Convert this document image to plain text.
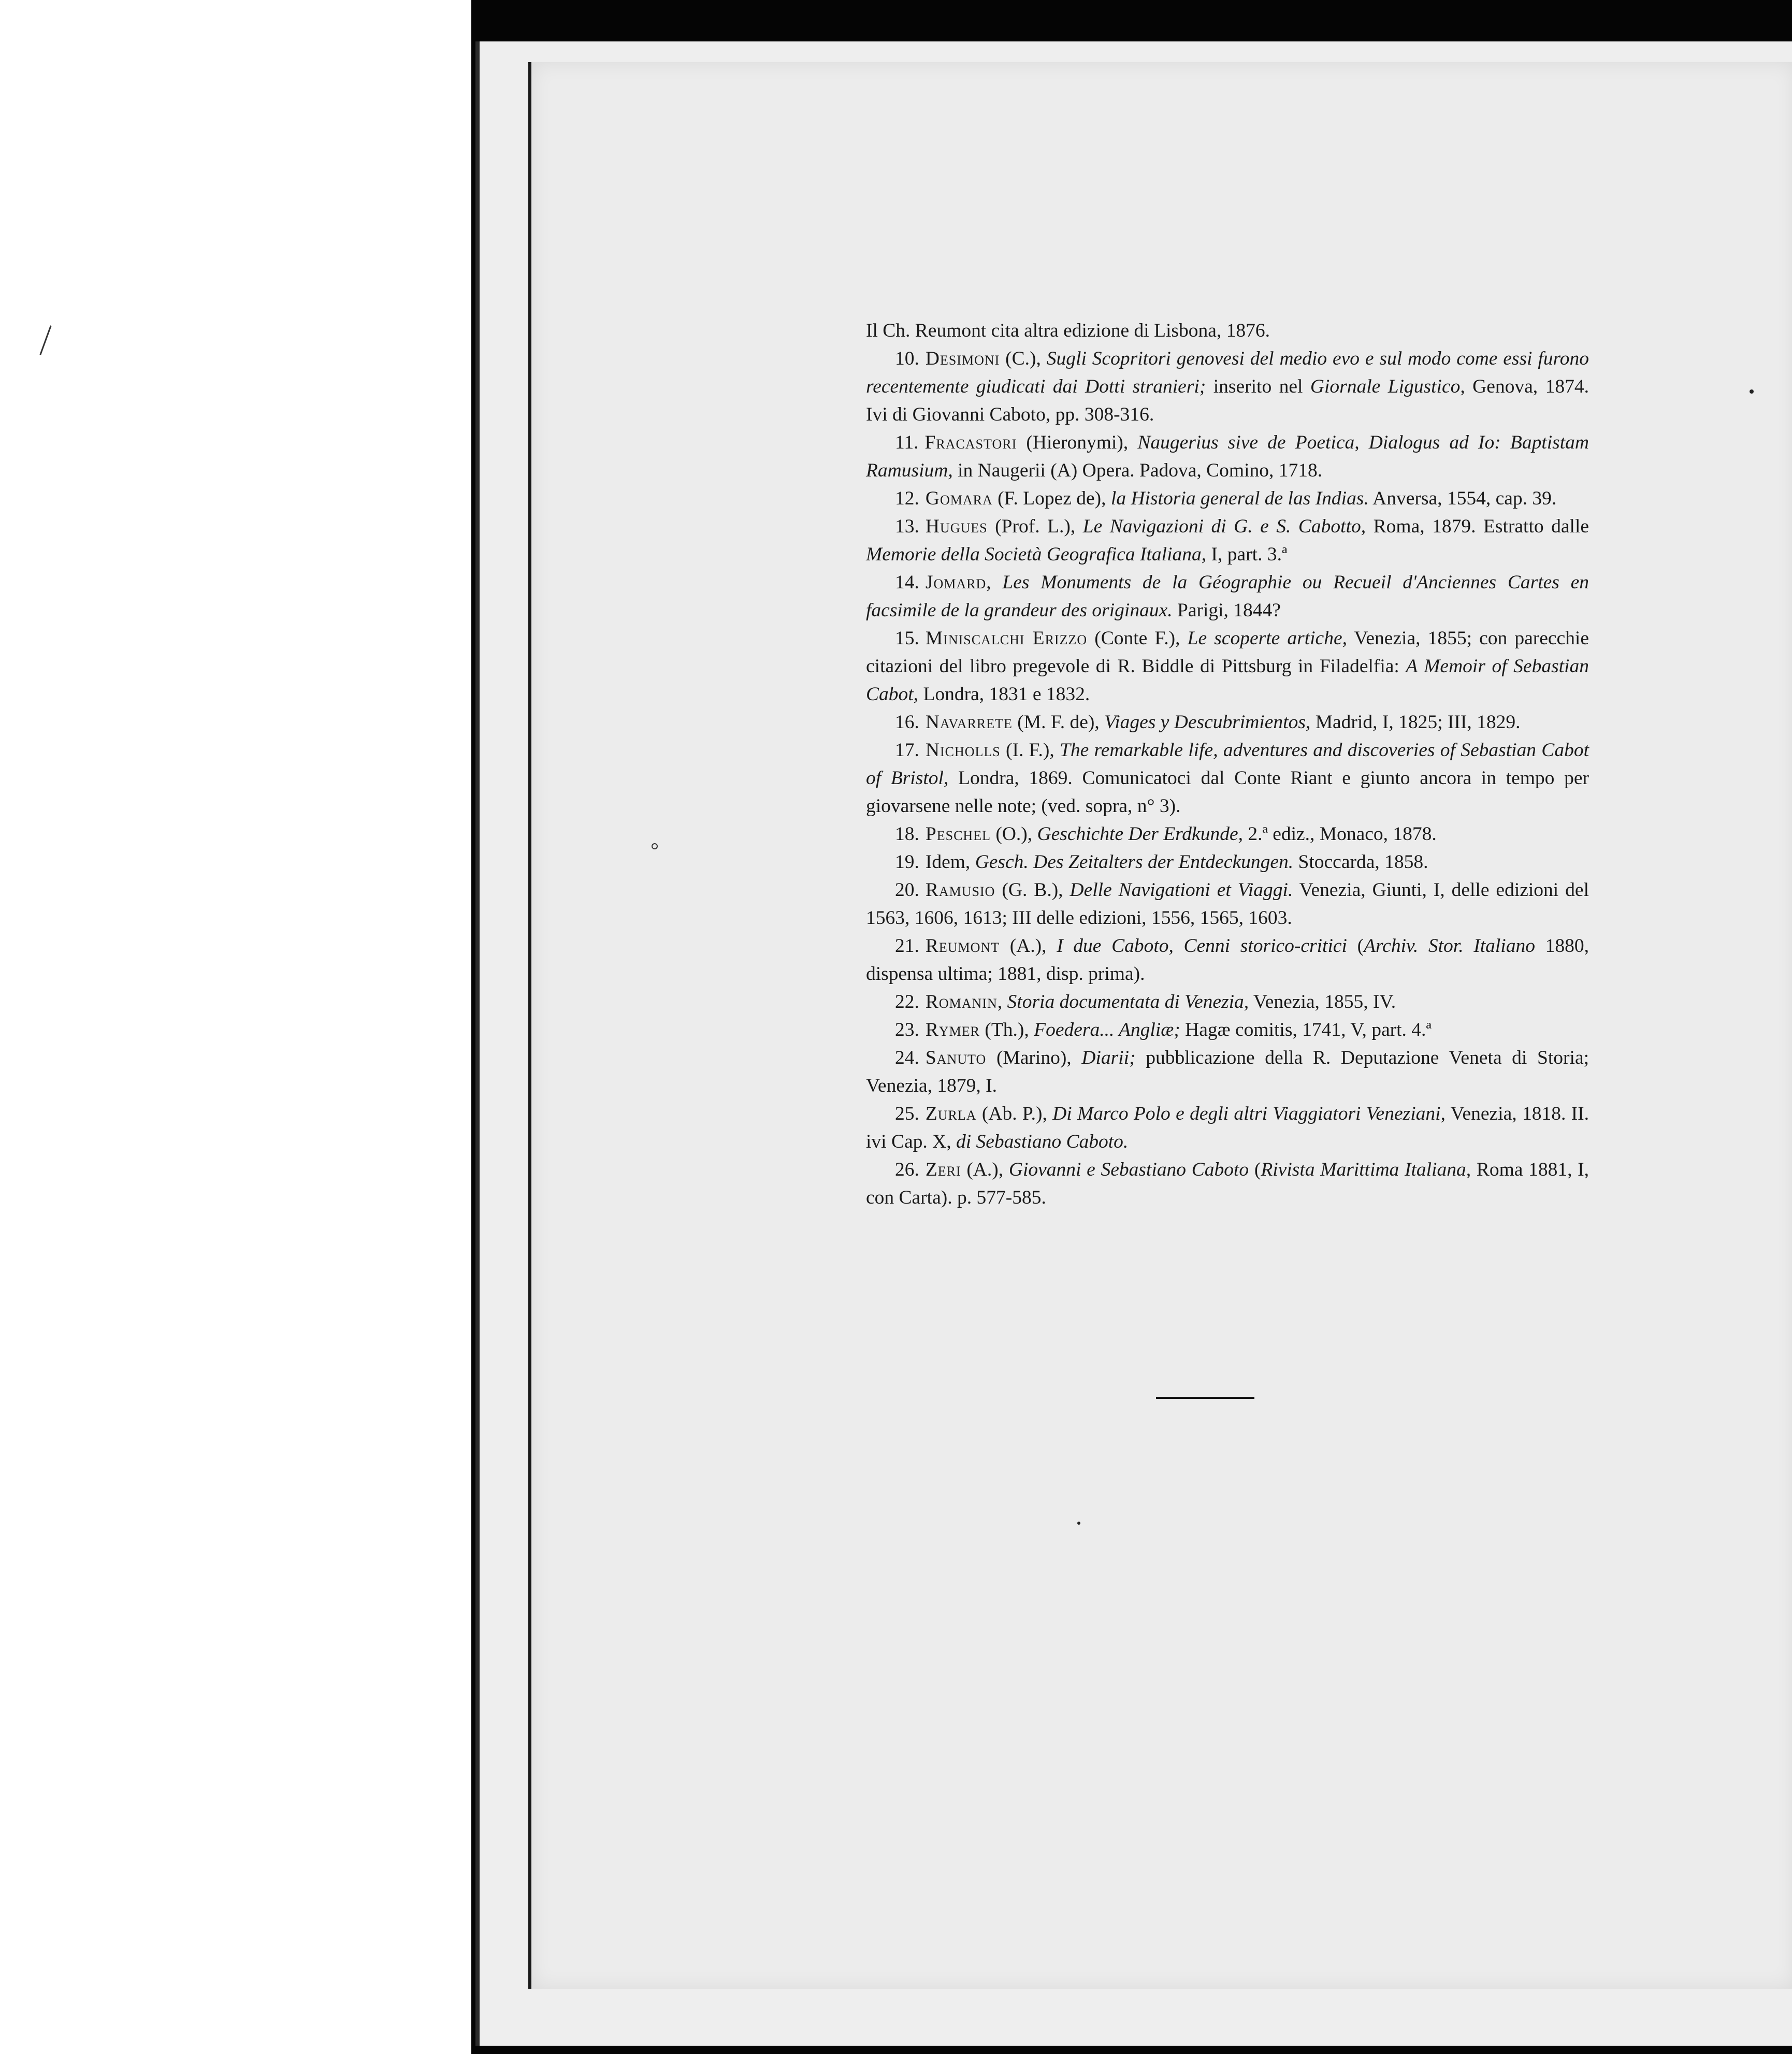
Il Ch. Reumont cita altra edizione di Lisbona, 1876.

10. Desimoni (C.), Sugli Scopritori genovesi del medio evo e sul modo come essi furono recentemente giudicati dai Dotti stranieri; inserito nel Giornale Ligustico, Genova, 1874. Ivi di Giovanni Caboto, pp. 308-316.

11. Fracastori (Hieronymi), Naugerius sive de Poetica, Dialogus ad Io: Baptistam Ramusium, in Naugerii (A) Opera. Padova, Comino, 1718.

12. Gomara (F. Lopez de), la Historia general de las Indias. Anversa, 1554, cap. 39.

13. Hugues (Prof. L.), Le Navigazioni di G. e S. Cabotto, Roma, 1879. Estratto dalle Memorie della Società Geografica Italiana, I, part. 3.ª

14. Jomard, Les Monuments de la Géographie ou Recueil d'Anciennes Cartes en facsimile de la grandeur des originaux. Parigi, 1844?

15. Miniscalchi Erizzo (Conte F.), Le scoperte artiche, Venezia, 1855; con parecchie citazioni del libro pregevole di R. Biddle di Pittsburg in Filadelfia: A Memoir of Sebastian Cabot, Londra, 1831 e 1832.

16. Navarrete (M. F. de), Viages y Descubrimientos, Madrid, I, 1825; III, 1829.

17. Nicholls (I. F.), The remarkable life, adventures and discoveries of Sebastian Cabot of Bristol, Londra, 1869. Comunicatoci dal Conte Riant e giunto ancora in tempo per giovarsene nelle note; (ved. sopra, n° 3).

18. Peschel (O.), Geschichte Der Erdkunde, 2.ª ediz., Monaco, 1878.

19. Idem, Gesch. Des Zeitalters der Entdeckungen. Stoccarda, 1858.

20. Ramusio (G. B.), Delle Navigationi et Viaggi. Venezia, Giunti, I, delle edizioni del 1563, 1606, 1613; III delle edizioni, 1556, 1565, 1603.

21. Reumont (A.), I due Caboto, Cenni storico-critici (Archiv. Stor. Italiano 1880, dispensa ultima; 1881, disp. prima).

22. Romanin, Storia documentata di Venezia, Venezia, 1855, IV.

23. Rymer (Th.), Foedera... Angliæ; Hagæ comitis, 1741, V, part. 4.ª

24. Sanuto (Marino), Diarii; pubblicazione della R. Deputazione Veneta di Storia; Venezia, 1879, I.

25. Zurla (Ab. P.), Di Marco Polo e degli altri Viaggiatori Veneziani, Venezia, 1818. II. ivi Cap. X, di Sebastiano Caboto.

26. Zeri (A.), Giovanni e Sebastiano Caboto (Rivista Marittima Italiana, Roma 1881, I, con Carta). p. 577-585.
